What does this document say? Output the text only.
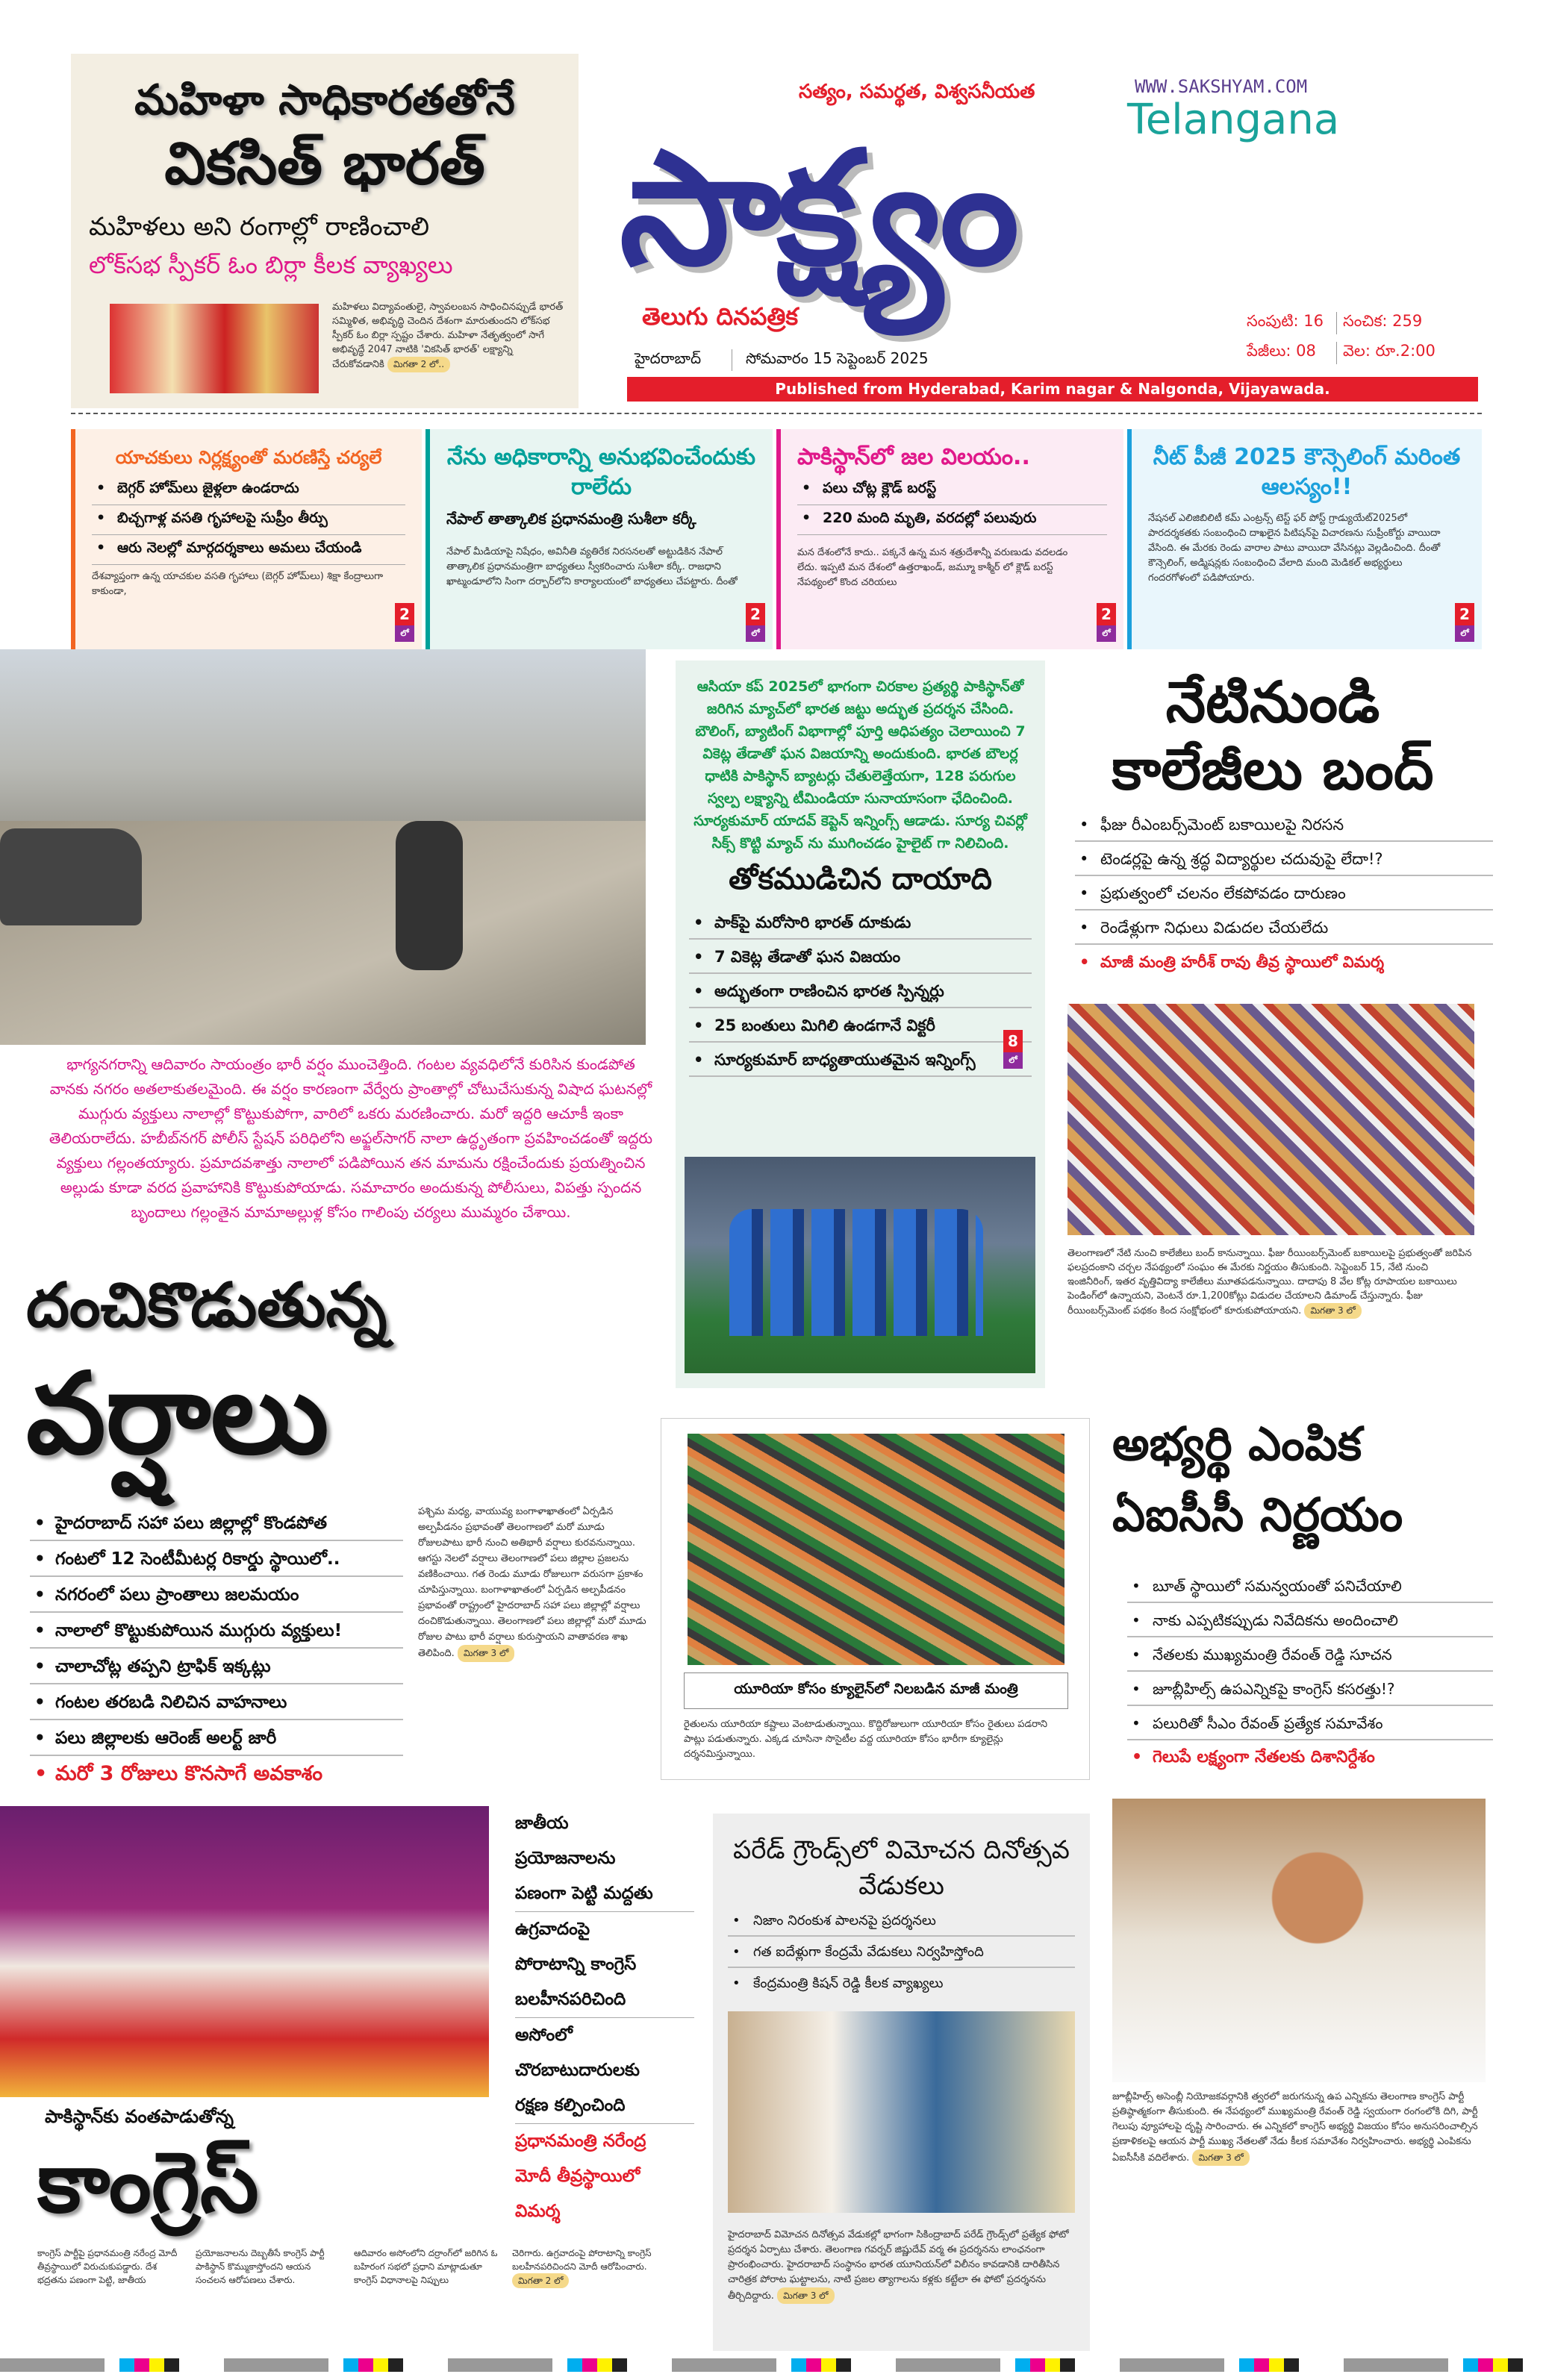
మహిళా సాధికారతతోనే
వికసిత్ భారత్
మహిళలు అని రంగాల్లో రాణించాలి
లోక్‌సభ స్పీకర్ ఓం బిర్లా కీలక వ్యాఖ్యలు
మహిళలు విద్యావంతులై, స్వావలంబన సాధించినప్పుడే భారత్ సమ్మిళిత, అభివృద్ధి చెందిన దేశంగా మారుతుందని లోక్‌సభ స్పీకర్ ఓం బిర్లా స్పష్టం చేశారు. మహిళా నేతృత్వంలో సాగే అభివృద్ధే 2047 నాటికి 'వికసిత్ భారత్' లక్ష్యాన్ని చేరుకోవడానికి మిగతా 2 లో..
సత్యం, సమర్థత, విశ్వసనీయత	WWW.SAKSHYAM.COM
Telangana
సాక్ష్యం
తెలుగు దినపత్రిక
హైదరాబాద్	సోమవారం 15 సెప్టెంబర్ 2025
సంపుటి: 16
పేజీలు: 08
సంచిక: 259
వెల: రూ.2:00
Published from Hyderabad, Karim nagar & Nalgonda, Vijayawada.
యాచకులు నిర్లక్ష్యంతో మరణిస్తే చర్యలే
• బెగ్గర్ హోమ్‌లు జైళ్లలా ఉండరాదు
• బిచ్చగాళ్ల వసతి గృహాలపై సుప్రీం తీర్పు
• ఆరు నెలల్లో మార్గదర్శకాలు అమలు చేయండి
దేశవ్యాప్తంగా ఉన్న యాచకుల వసతి గృహాలు (బెగ్గర్ హోమ్‌లు) శిక్షా కేంద్రాలుగా కాకుండా,
2
లో
నేను అధికారాన్ని అనుభవించేందుకు రాలేదు
నేపాల్ తాత్కాలిక ప్రధానమంత్రి సుశీలా కర్కీ
నేపాల్ మీడియాపై నిషేధం, అవినీతి వ్యతిరేక నిరసనలతో అట్టుడికిన నేపాల్ తాత్కాలిక ప్రధానమంత్రిగా బాధ్యతలు స్వీకరించారు సుశీలా కర్కీ. రాజధాని ఖాట్మండూలోని సింగా దర్బార్‌లోని కార్యాలయంలో బాధ్యతలు చేపట్టారు. దీంతో
2
లో
పాకిస్థాన్‌లో జల విలయం..
• పలు చోట్ల క్లౌడ్ బరస్ట్
• 220 మంది మృతి, వరదల్లో పలువురు
మన దేశంలోనే కాదు.. పక్కనే ఉన్న మన శత్రుదేశాన్నీ వరుణుడు వదలడం లేదు. ఇప్పటి మన దేశంలో ఉత్తరాఖండ్, జమ్మూ కాశ్మీర్ లో క్లౌడ్ బరస్ట్ నేపథ్యంలో కొంద చరియలు
2
లో
నీట్ పీజీ 2025 కౌన్సెలింగ్ మరింత ఆలస్యం!!
నేషనల్ ఎలిజిబిలిటీ కమ్ ఎంట్రన్స్ టెస్ట్ ఫర్ పోస్ట్ గ్రాడ్యుయేట్2025లో పారదర్శకతకు సంబంధించి దాఖలైన పిటిషన్‌పై విచారణను సుప్రీంకోర్టు వాయిదా వేసింది. ఈ మేరకు రెండు వారాల పాటు వాయిదా వేసినట్లు వెల్లడించింది. దీంతో కౌన్సెలింగ్, అడ్మిషన్లకు సంబంధించి వేలాది మంది మెడికల్ అభ్యర్థులు గందరగోళంలో పడిపోయారు.
2
లో
భాగ్యనగరాన్ని ఆదివారం సాయంత్రం భారీ వర్షం ముంచెత్తింది. గంటల వ్యవధిలోనే కురిసిన కుండపోత వానకు నగరం అతలాకుతలమైంది. ఈ వర్షం కారణంగా వేర్వేరు ప్రాంతాల్లో చోటుచేసుకున్న విషాద ఘటనల్లో ముగ్గురు వ్యక్తులు నాలాల్లో కొట్టుకుపోగా, వారిలో ఒకరు మరణించారు. మరో ఇద్దరి ఆచూకీ ఇంకా తెలియరాలేదు. హబీబ్‌నగర్ పోలీస్ స్టేషన్ పరిధిలోని అఫ్జల్‌సాగర్ నాలా ఉద్ధృతంగా ప్రవహించడంతో ఇద్దరు వ్యక్తులు గల్లంతయ్యారు. ప్రమాదవశాత్తు నాలాలో పడిపోయిన తన మామను రక్షించేందుకు ప్రయత్నించిన అల్లుడు కూడా వరద ప్రవాహానికి కొట్టుకుపోయాడు. సమాచారం అందుకున్న పోలీసులు, విపత్తు స్పందన బృందాలు గల్లంతైన మామాఅల్లుళ్ల కోసం గాలింపు చర్యలు ముమ్మరం చేశాయి.
దంచికొడుతున్న
వర్షాలు
• హైదరాబాద్ సహా పలు జిల్లాల్లో కొండపోత
• గంటలో 12 సెంటీమీటర్ల రికార్డు స్థాయిలో..
• నగరంలో పలు ప్రాంతాలు జలమయం
• నాలాలో కొట్టుకుపోయిన ముగ్గురు వ్యక్తులు!
• చాలాచోట్ల తప్పని ట్రాఫిక్ ఇక్కట్లు
• గంటల తరబడి నిలిచిన వాహనాలు
• పలు జిల్లాలకు ఆరెంజ్ అలర్ట్ జారీ
• మరో 3 రోజులు కొనసాగే అవకాశం
పశ్చిమ మధ్య, వాయువ్య బంగాళాఖాతంలో ఏర్పడిన అల్పపీడనం ప్రభావంతో తెలంగాణలో మరో మూడు రోజులపాటు భారీ నుంచి అతిభారీ వర్షాలు కురవనున్నాయి. ఆగస్టు నెలలో వర్షాలు తెలంగాణలో పలు జిల్లాల ప్రజలను వణికించాయి. గత రెండు మూడు రోజులుగా వరుసగా ప్రకాశం చూపిస్తున్నాయి. బంగాళాఖాతంలో ఏర్పడిన అల్పపీడనం ప్రభావంతో రాష్ట్రంలో హైదరాబాద్ సహా పలు జిల్లాల్లో వర్షాలు దంచికొడుతున్నాయి. తెలంగాణలో పలు జిల్లాల్లో మరో మూడు రోజుల పాటు భారీ వర్షాలు కురుస్తాయని వాతావరణ శాఖ తెలిపింది. మిగతా 3 లో
ఆసియా కప్ 2025లో భాగంగా చిరకాల ప్రత్యర్థి పాకిస్థాన్‌తో జరిగిన మ్యాచ్‌లో భారత జట్టు అద్భుత ప్రదర్శన చేసింది. బౌలింగ్, బ్యాటింగ్ విభాగాల్లో పూర్తి ఆధిపత్యం చెలాయించి 7 వికెట్ల తేడాతో ఘన విజయాన్ని అందుకుంది. భారత బౌలర్ల ధాటికి పాకిస్థాన్ బ్యాటర్లు చేతులెత్తేయగా, 128 పరుగుల స్వల్ప లక్ష్యాన్ని టీమిండియా సునాయాసంగా ఛేదించింది. సూర్యకుమార్ యాదవ్ కెప్టెన్ ఇన్నింగ్స్ ఆడాడు. సూర్య చివర్లో సిక్స్ కొట్టి మ్యాచ్ ను ముగించడం హైలైట్ గా నిలిచింది.
తోకముడిచిన దాయాది
• పాక్‌పై మరోసారి భారత్ దూకుడు
• 7 వికెట్ల తేడాతో ఘన విజయం
• అద్భుతంగా రాణించిన భారత స్పిన్నర్లు
• 25 బంతులు మిగిలి ఉండగానే విక్టరీ
• సూర్యకుమార్ బాధ్యతాయుతమైన ఇన్నింగ్స్
8
లో
నేటినుండి
కాలేజీలు బంద్
• ఫీజు రీఎంబర్స్‌మెంట్ బకాయిలపై నిరసన
• టెండర్లపై ఉన్న శ్రద్ధ విద్యార్థుల చదువుపై లేదా!?
• ప్రభుత్వంలో చలనం లేకపోవడం దారుణం
• రెండేళ్లుగా నిధులు విడుదల చేయలేదు
• మాజీ మంత్రి హరీశ్ రావు తీవ్ర స్థాయిలో విమర్శ
తెలంగాణలో నేటి నుంచి కాలేజీలు బంద్ కానున్నాయి. ఫీజు రీయింబర్స్‌మెంట్ బకాయిలపై ప్రభుత్వంతో జరిపిన ఫలప్రదంకాని చర్చల నేపథ్యంలో సంఘం ఈ మేరకు నిర్ణయం తీసుకుంది. సెప్టెంబర్ 15, నేటి నుంచి ఇంజినీరింగ్, ఇతర వృత్తివిద్యా కాలేజీలు మూతపడనున్నాయి. దాదాపు 8 వేల కోట్ల రూపాయల బకాయిలు పెండింగ్‌లో ఉన్నాయని, వెంటనే రూ.1,200కోట్లు విడుదల చేయాలని డిమాండ్ చేస్తున్నారు. ఫీజు రీయింబర్స్‌మెంట్ పథకం కింద సంక్షోభంలో కూరుకుపోయాయని. మిగతా 3 లో
యూరియా కోసం క్యూలైన్‌లో నిలబడిన మాజీ మంత్రి
రైతులను యూరియా కష్టాలు వెంటాడుతున్నాయి. కొద్దిరోజులుగా యూరియా కోసం రైతులు పడరాని పాట్లు పడుతున్నారు. ఎక్కడ చూసినా సొసైటీల వద్ద యూరియా కోసం భారీగా క్యూలైన్లు దర్శనమిస్తున్నాయి.
అభ్యర్థి ఎంపిక
ఏఐసీసీ నిర్ణయం
• బూత్ స్థాయిలో సమన్వయంతో పనిచేయాలి
• నాకు ఎప్పటికప్పుడు నివేదికను అందించాలి
• నేతలకు ముఖ్యమంత్రి రేవంత్ రెడ్డి సూచన
• జూబ్లీహిల్స్ ఉపఎన్నికపై కాంగ్రెస్ కసరత్తు!?
• పలురితో సీఎం రేవంత్ ప్రత్యేక సమావేశం
• గెలుపే లక్ష్యంగా నేతలకు దిశానిర్దేశం
పాకిస్థాన్‌కు వంతపాడుతోన్న
కాంగ్రెస్
కాంగ్రెస్ పార్టీపై ప్రధానమంత్రి నరేంద్ర మోదీ తీవ్రస్థాయిలో విరుచుకుపడ్డారు. దేశ భద్రతను పణంగా పెట్టి, జాతీయ
ప్రయోజనాలను దెబ్బతీసే కాంగ్రెస్ పార్టీ పాకిస్థాన్ కొమ్ముకాస్తోందని ఆయన సంచలన ఆరోపణలు చేశారు.
ఆదివారం అసోంలోని దర్రాంగ్‌లో జరిగిన ఓ బహిరంగ సభలో ప్రధాని మాట్లాడుతూ కాంగ్రెస్ విధానాలపై నిప్పులు
చెరిగారు. ఉగ్రవాదంపై పోరాటాన్ని కాంగ్రెస్ బలహీనపరిచిందని మోదీ ఆరోపించారు. మిగతా 2 లో
జాతీయ
ప్రయోజనాలను
పణంగా పెట్టి మద్దతు
ఉగ్రవాదంపై
పోరాటాన్ని కాంగ్రెస్
బలహీనపరిచింది
అసోంలో
చొరబాటుదారులకు
రక్షణ కల్పించింది
ప్రధానమంత్రి నరేంద్ర
మోదీ తీవ్రస్థాయిలో
విమర్శ
పరేడ్ గ్రౌండ్స్‌లో విమోచన దినోత్సవ వేడుకలు
• నిజాం నిరంకుశ పాలనపై ప్రదర్శనలు
• గత ఐదేళ్లుగా కేంద్రమే వేడుకలు నిర్వహిస్తోంది
• కేంద్రమంత్రి కిషన్ రెడ్డి కీలక వ్యాఖ్యలు
హైదరాబాద్ విమోచన దినోత్సవ వేడుకల్లో భాగంగా సికింద్రాబాద్ పరేడ్ గ్రౌండ్స్‌లో ప్రత్యేక ఫోటో ప్రదర్శన ఏర్పాటు చేశారు. తెలంగాణ గవర్నర్ జిష్ణుదేవ్ వర్మ ఈ ప్రదర్శనను లాంఛనంగా ప్రారంభించారు. హైదరాబాద్ సంస్థానం భారత యూనియన్‌లో విలీనం కావడానికి దారితీసిన చారిత్రక పోరాట ఘట్టాలను, నాటి ప్రజల త్యాగాలను కళ్లకు కట్టేలా ఈ ఫోటో ప్రదర్శనను తీర్చిదిద్దారు. మిగతా 3 లో
జూబ్లీహిల్స్ అసెంబ్లీ నియోజకవర్గానికి త్వరలో జరుగనున్న ఉప ఎన్నికను తెలంగాణ కాంగ్రెస్ పార్టీ ప్రతిష్ఠాత్మకంగా తీసుకుంది. ఈ నేపథ్యంలో ముఖ్యమంత్రి రేవంత్ రెడ్డి స్వయంగా రంగంలోకి దిగి, పార్టీ గెలుపు వ్యూహాలపై దృష్టి సారించారు. ఈ ఎన్నికలో కాంగ్రెస్ అభ్యర్థి విజయం కోసం అనుసరించాల్సిన ప్రణాళికలపై ఆయన పార్టీ ముఖ్య నేతలతో నేడు కీలక సమావేశం నిర్వహించారు. అభ్యర్థి ఎంపికను ఏఐసీసీకి వదిలేశారు. మిగతా 3 లో
